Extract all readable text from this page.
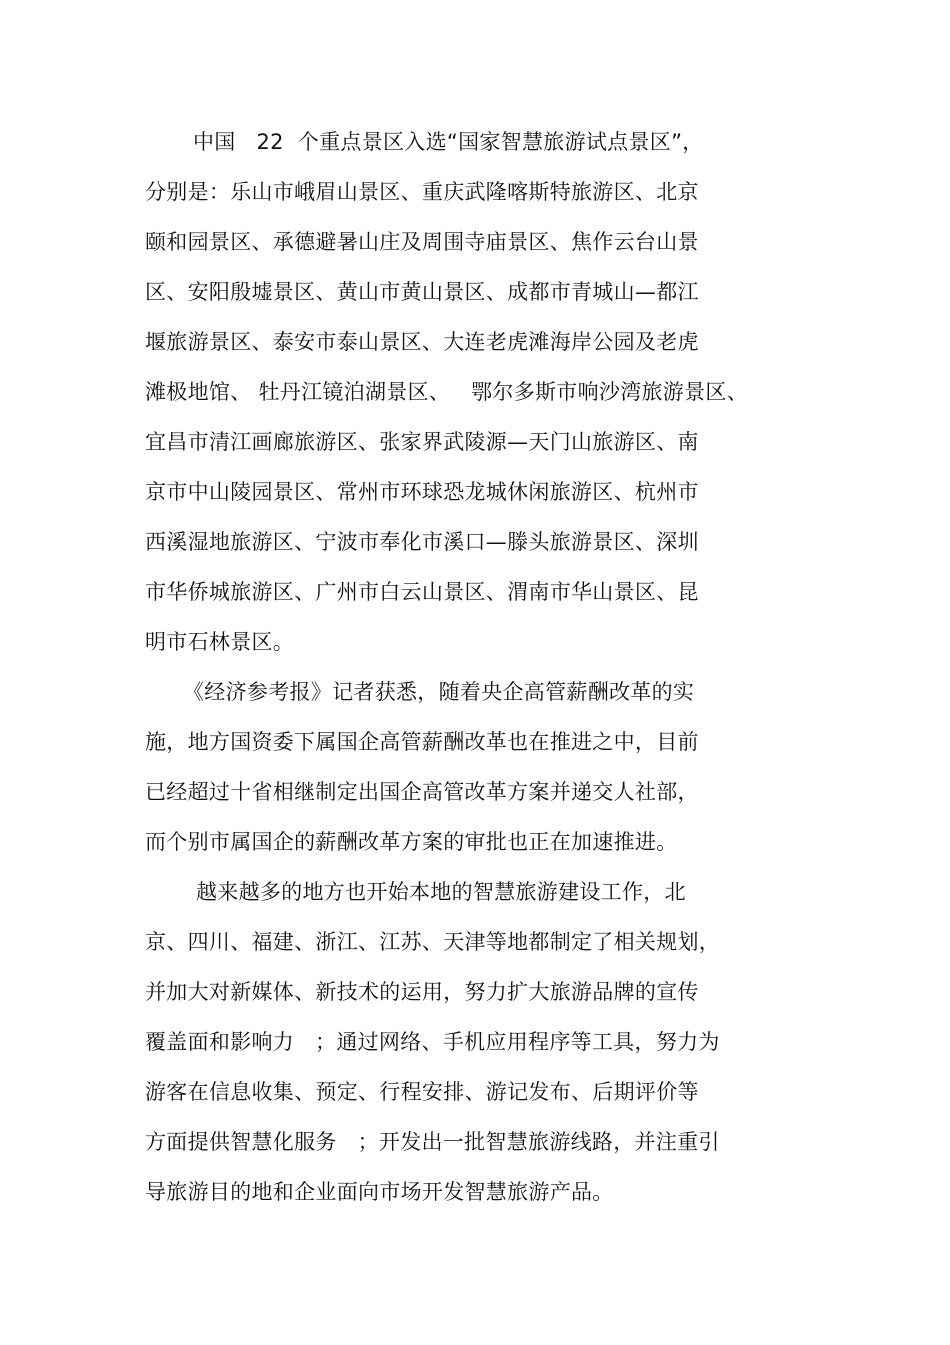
中国   22  个重点景区入选“国家智慧旅游试点景区”，
分别是：乐山市峨眉山景区、重庆武隆喀斯特旅游区、北京
颐和园景区、承德避暑山庄及周围寺庙景区、焦作云台山景
区、安阳殷墟景区、黄山市黄山景区、成都市青城山—都江
堰旅游景区、泰安市泰山景区、大连老虎滩海岸公园及老虎
滩极地馆、 牡丹江镜泊湖景区、   鄂尔多斯市响沙湾旅游景区、
宜昌市清江画廊旅游区、张家界武陵源—天门山旅游区、南
京市中山陵园景区、常州市环球恐龙城休闲旅游区、杭州市
西溪湿地旅游区、宁波市奉化市溪口—滕头旅游景区、深圳
市华侨城旅游区、广州市白云山景区、渭南市华山景区、昆
明市石林景区。
《经济参考报》记者获悉，随着央企高管薪酬改革的实
施，地方国资委下属国企高管薪酬改革也在推进之中，目前
已经超过十省相继制定出国企高管改革方案并递交人社部，
而个别市属国企的薪酬改革方案的审批也正在加速推进。
越来越多的地方也开始本地的智慧旅游建设工作，北
京、四川、福建、浙江、江苏、天津等地都制定了相关规划，
并加大对新媒体、新技术的运用，努力扩大旅游品牌的宣传
覆盖面和影响力   ；通过网络、手机应用程序等工具，努力为
游客在信息收集、预定、行程安排、游记发布、后期评价等
方面提供智慧化服务   ；开发出一批智慧旅游线路，并注重引
导旅游目的地和企业面向市场开发智慧旅游产品。
